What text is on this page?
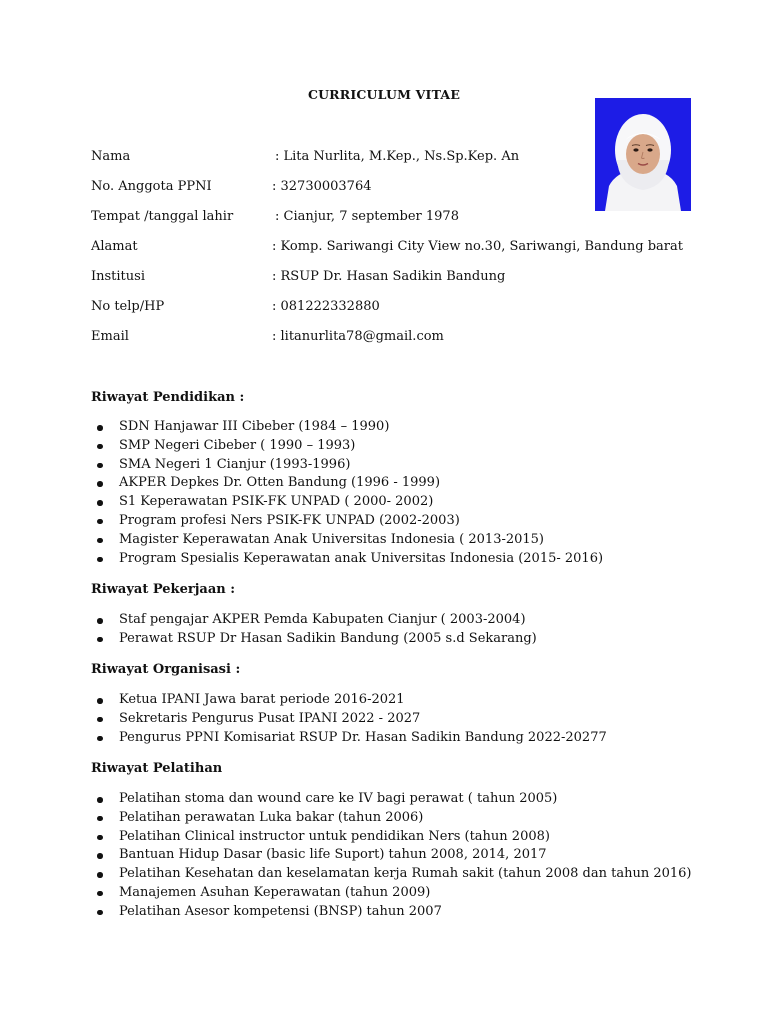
CURRICULUM VITAE
Nama	: Lita Nurlita, M.Kep., Ns.Sp.Kep. An
No. Anggota PPNI	: 32730003764
Tempat /tanggal lahir	: Cianjur, 7 september 1978
Alamat	: Komp. Sariwangi City View no.30, Sariwangi, Bandung barat
Institusi	: RSUP Dr. Hasan Sadikin Bandung
No telp/HP	: 081222332880
Email	: litanurlita78@gmail.com
Riwayat Pendidikan :
SDN Hanjawar III Cibeber (1984 – 1990)
SMP Negeri Cibeber ( 1990 – 1993)
SMA Negeri 1 Cianjur (1993-1996)
AKPER Depkes Dr. Otten Bandung (1996 - 1999)
S1 Keperawatan PSIK-FK UNPAD ( 2000- 2002)
Program profesi Ners PSIK-FK UNPAD (2002-2003)
Magister Keperawatan Anak Universitas Indonesia ( 2013-2015)
Program Spesialis Keperawatan anak Universitas Indonesia (2015- 2016)
Riwayat Pekerjaan :
Staf pengajar AKPER Pemda Kabupaten Cianjur ( 2003-2004)
Perawat RSUP Dr Hasan Sadikin Bandung (2005 s.d Sekarang)
Riwayat Organisasi :
Ketua IPANI Jawa barat periode 2016-2021
Sekretaris Pengurus Pusat IPANI 2022 - 2027
Pengurus PPNI Komisariat RSUP Dr. Hasan Sadikin Bandung 2022-20277
Riwayat Pelatihan
Pelatihan stoma dan wound care ke IV bagi perawat ( tahun 2005)
Pelatihan perawatan Luka bakar (tahun 2006)
Pelatihan Clinical instructor untuk pendidikan Ners (tahun 2008)
Bantuan Hidup Dasar (basic life Suport) tahun 2008, 2014, 2017
Pelatihan Kesehatan dan keselamatan kerja Rumah sakit (tahun 2008 dan tahun 2016)
Manajemen Asuhan Keperawatan (tahun 2009)
Pelatihan Asesor kompetensi (BNSP) tahun 2007
